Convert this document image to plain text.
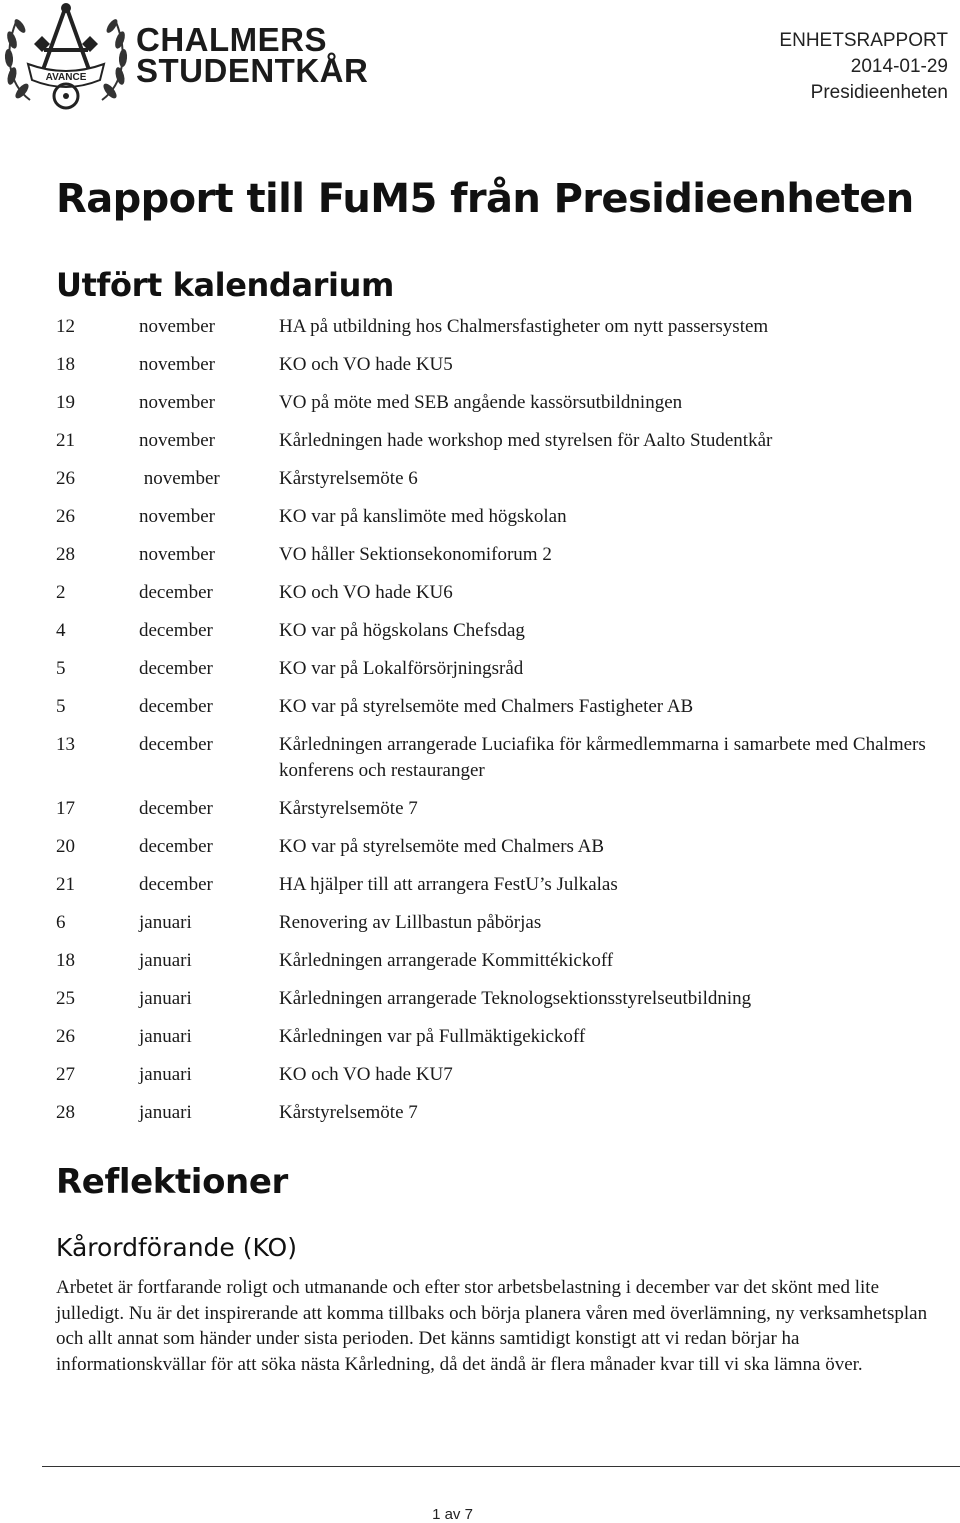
AVANCE
CHALMERS
STUDENTKÅR
ENHETSRAPPORT
2014-01-29
Presidieenheten
Rapport till FuM5 från Presidieenheten
Utfört kalendarium
12	november	HA på utbildning hos Chalmersfastigheter om nytt passersystem
18	november	KO och VO hade KU5
19	november	VO på möte med SEB angående kassörsutbildningen
21	november	Kårledningen hade workshop med styrelsen för Aalto Studentkår
26	november	Kårstyrelsemöte 6
26	november	KO var på kanslimöte med högskolan
28	november	VO håller Sektionsekonomiforum 2
2	december	KO och VO hade KU6
4	december	KO var på högskolans Chefsdag
5	december	KO var på Lokalförsörjningsråd
5	december	KO var på styrelsemöte med Chalmers Fastigheter AB
13	december	Kårledningen arrangerade Luciafika för kårmedlemmarna i samarbete med Chalmers konferens och restauranger
17	december	Kårstyrelsemöte 7
20	december	KO var på styrelsemöte med Chalmers AB
21	december	HA hjälper till att arrangera FestU’s Julkalas
6	januari	Renovering av Lillbastun påbörjas
18	januari	Kårledningen arrangerade Kommittékickoff
25	januari	Kårledningen arrangerade Teknologsektionsstyrelseutbildning
26	januari	Kårledningen var på Fullmäktigekickoff
27	januari	KO och VO hade KU7
28	januari	Kårstyrelsemöte 7
Reflektioner
Kårordförande (KO)

Arbetet är fortfarande roligt och utmanande och efter stor arbetsbelastning i december var det skönt med lite julledigt. Nu är det inspirerande att komma tillbaks och börja planera våren med överlämning, ny verksamhetsplan och allt annat som händer under sista perioden. Det känns samtidigt konstigt att vi redan börjar ha informationskvällar för att söka nästa Kårledning, då det ändå är flera månader kvar till vi ska lämna över.

1 av 7
